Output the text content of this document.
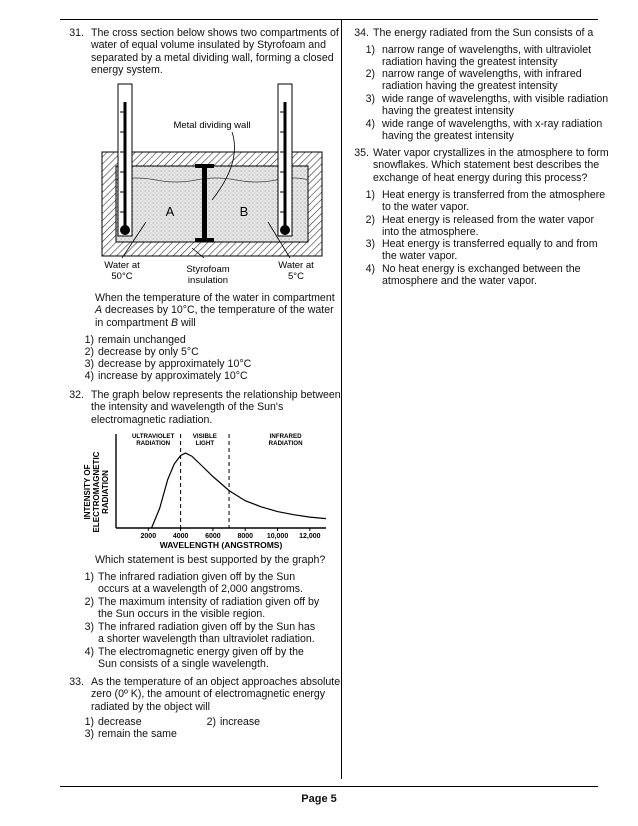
31. The cross section below shows two compartments of
water of equal volume insulated by Styrofoam and
separated by a metal dividing wall, forming a closed
energy system.
Metal dividing wall
A	B
Water at
50°C
Styrofoam
insulation
Water at
5°C
When the temperature of the water in compartment
A decreases by 10°C, the temperature of the water
in compartment B will
1) remain unchanged
2) decrease by only 5°C
3) decrease by approximately 10°C
4) increase by approximately 10°C
32. The graph below represents the relationship between
the intensity and wavelength of the Sun's
electromagnetic radiation.
INTENSITY OF ELECTROMAGNETIC RADIATION
2000 4000 6000 8000 10,000 12,000
ULTRAVIOLET
RADIATION
VISIBLE
LIGHT
INFRARED
RADIATION
WAVELENGTH (ANGSTROMS)
Which statement is best supported by the graph?
1) The infrared radiation given off by the Sun
occurs at a wavelength of 2,000 angstroms.
2) The maximum intensity of radiation given off by
the Sun occurs in the visible region.
3) The infrared radiation given off by the Sun has
a shorter wavelength than ultraviolet radiation.
4) The electromagnetic energy given off by the
Sun consists of a single wavelength.
33. As the temperature of an object approaches absolute
zero (0º K), the amount of electromagnetic energy
radiated by the object will
1) decrease	2) increase
3) remain the same
34. The energy radiated from the Sun consists of a
1) narrow range of wavelengths, with ultraviolet
radiation having the greatest intensity
2) narrow range of wavelengths, with infrared
radiation having the greatest intensity
3) wide range of wavelengths, with visible radiation
having the greatest intensity
4) wide range of wavelengths, with x-ray radiation
having the greatest intensity
35. Water vapor crystallizes in the atmosphere to form
snowflakes. Which statement best describes the
exchange of heat energy during this process?
1) Heat energy is transferred from the atmosphere
to the water vapor.
2) Heat energy is released from the water vapor
into the atmosphere.
3) Heat energy is transferred equally to and from
the water vapor.
4) No heat energy is exchanged between the
atmosphere and the water vapor.
Page 5
